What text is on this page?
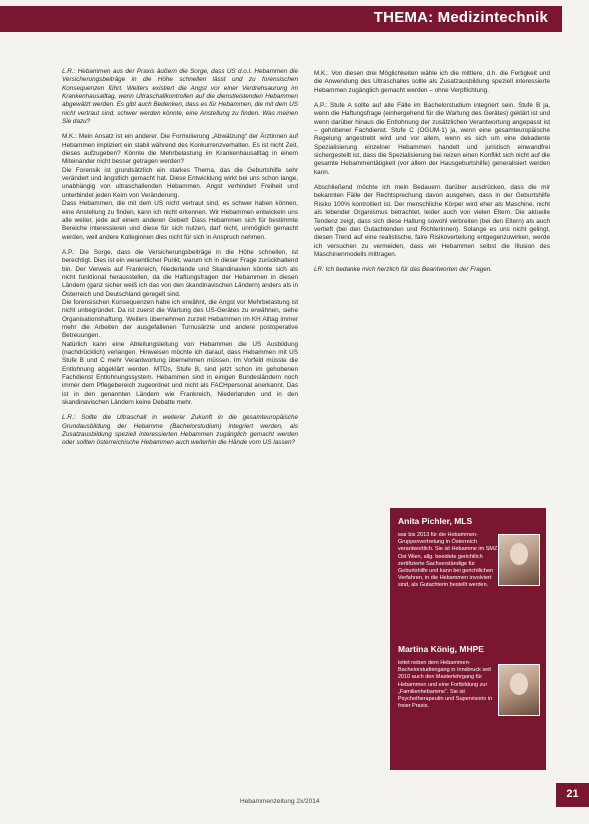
THEMA: Medizintechnik

L.R.: Hebammen aus der Praxis äußern die Sorge, dass US d.o.I. Hebammen die Versicherungsbeiträge in die Höhe schnellen lässt und zu forensischen Konsequenzen führt. Weiters existiert die Angst vor einer Verdrehsaurung im Krankenhausalltag, wenn Ultraschallkontrollen auf die dienstleistenden Hebammen abgewälzt werden. Es gibt auch Bedenken, dass es für Hebammen, die mit dem US nicht vertraut sind, schwer werden könnte, eine Anstellung zu finden. Was meinen Sie dazu?

M.K.: Mein Ansatz ist ein anderer. Die Formulierung „Abwälzung“ der Ärztinnen auf Hebammen impliziert ein stabil während des Konkurrenzverhalten. Es ist nicht Zeit, dieses aufzugeben? Könnte die Mehrbelastung im Krankenhausalltag in einem Miteinander nicht besser getragen werden?
Die Forensik ist grundsätzlich ein starkes Thema, das die Geburtshilfe sehr verändert und ängstlich gemacht hat. Diese Entwicklung wirkt bei uns schon lange, unabhängig von ultraschallenden Hebammen. Angst verhindert Freiheit und unterbindet jeden Keim von Veränderung.
Dass Hebammen, die mit dem US nicht vertraut sind, es schwer haben können, eine Anstellung zu finden, kann ich nicht erkennen. Wir Hebammen entwickeln uns alle weiter, jede auf einem anderen Gebiet! Dass Hebammen sich für bestimmte Bereiche interessieren und diese für sich nutzen, darf nicht, unmöglich gemacht werden, weil andere Kolleginnen dies nicht für sich in Anspruch nehmen.

A.P.: Die Sorge, dass die Versicherungsbeiträge in die Höhe schnellen, ist berechtigt. Dies ist ein wesentlicher Punkt, warum ich in dieser Frage zurückhaltend bin. Der Verweis auf Frankreich, Niederlande und Skandinavien könnte sich als nicht funktional herausstellen, da die Haftungsfragen der Hebammen in diesen Ländern (ganz sicher weiß ich das von den skandinavischen Ländern) anders als in Österreich und Deutschland geregelt sind.
Die forensischen Konsequenzen habe ich erwähnt, die Angst vor Mehrbelastung ist nicht unbegründet. Da ist zuerst die Wartung des US-Gerätes zu erwähnen, siehe Organisationshaftung. Weiters übernehmen zurzeit Hebammen im KH Alltag immer mehr die Arbeiten der ausgefallenen Turnusärzte und andere postoperative Betreuungen.
Natürlich kann eine Abteilungsleitung von Hebammen die US Ausbildung (nachdrücklich) verlangen. Hinweisen möchte ich darauf, dass Hebammen mit US Stufe B und C mehr Verantwortung übernehmen müssen. Im Vorfeld müsste die Entlohnung abgeklärt werden. MTDs, Stufe B, sind jetzt schon im gehobenen Fachdienst Entlohnungssystem. Hebammen sind in einigen Bundesländern noch immer dem Pflegebereich zugeordnet und nicht als FACHpersonal anerkannt. Das ist in den genannten Ländern wie Frankreich, Niederlanden und in den skandinavischen Ländern keine Debatte mehr.

L.R.: Sollte die Ultraschall in weiterer Zukunft in die gesamteuropäische Grundausbildung der Hebamme (Bachelorstudium) integriert werden, als Zusatzausbildung speziell interessierten Hebammen zugänglich gemacht werden oder sollten österreichische Hebammen auch weiterhin die Hände vom US lassen?

M.K.: Von diesen drei Möglichkeiten wähle ich die mittlere, d.h. die Fertigkeit und die Anwendung des Ultraschalles sollte als Zusatzausbildung speziell interessierte Hebammen zugänglich gemacht werden – ohne Verpflichtung.

A.P.: Stufe A sollte auf alle Fälle im Bachelorstudium integriert sein. Stufe B ja, wenn die Haftungsfrage (einhergehend für die Wartung des Gerätes) geklärt ist und wenn darüber hinaus die Entlohnung der zusätzlichen Verantwortung angepasst ist – gehobener Fachdienst. Stufe C (OGUM-1) ja, wenn eine gesamteuropäische Regelung angestrebt wird und vor allem, wenn es sich um eine dekadente Spezialisierung einzelner Hebammen handelt und juristisch einwandfrei sichergestellt ist, dass die Spezialisierung bei reizen einen Konflikt sich nicht auf die gesamte Hebammentätigkeit (vor allem der Hausgeburtshilfe) generalisiert werden kann.

Abschließend möchte ich mein Bedauern darüber ausdrücken, dass die mir bekannten Fälle der Rechtsprechung davon ausgehen, dass in der Geburtshilfe Risiko 100% kontrolliert ist. Der menschliche Körper wird eher als Maschine, nicht als lebender Organismus betrachtet, leider auch von vielen Eltern. Die aktuelle Tendenz zeigt, dass sich diese Haltung sowohl verbreiten (bei den Eltern) als auch vertieft (bei den Gutachtenden und Richterinnen). Solange es uns nicht gelingt, diesen Trend auf eine realistische, faire Risikoverteilung entgegenzuwirken, werde ich versuchen zu vermeiden, dass wir Hebammen selbst die Illusion des Maschinenmodells mittragen.

LR: Ich bedanke mich herzlich für das Beantworten der Fragen.

Anita Pichler, MLS
war bis 2013 für die Hebammen-Gruppenvertretung in Österreich verantwortlich. Sie ist Hebamme im SMZ Ost Wien, allg. beeidete gerichtlich zertifizierte Sachverständige für Geburtshilfe und kann bei gerichtlichen Verfahren, in die Hebammen involviert sind, als Gutachterin bestellt werden.
Martina König, MHPE
leitet neben dem Hebammen-Bachelorstudiengang in Innsbruck seit 2010 auch den Masterlehrgang für Hebammen und eine Fortbildung zur „Familienhebamme“. Sie ist Psychotherapeutin und Supervisorin in freier Praxis.
Hebammenzeitung 2x/2014
21
